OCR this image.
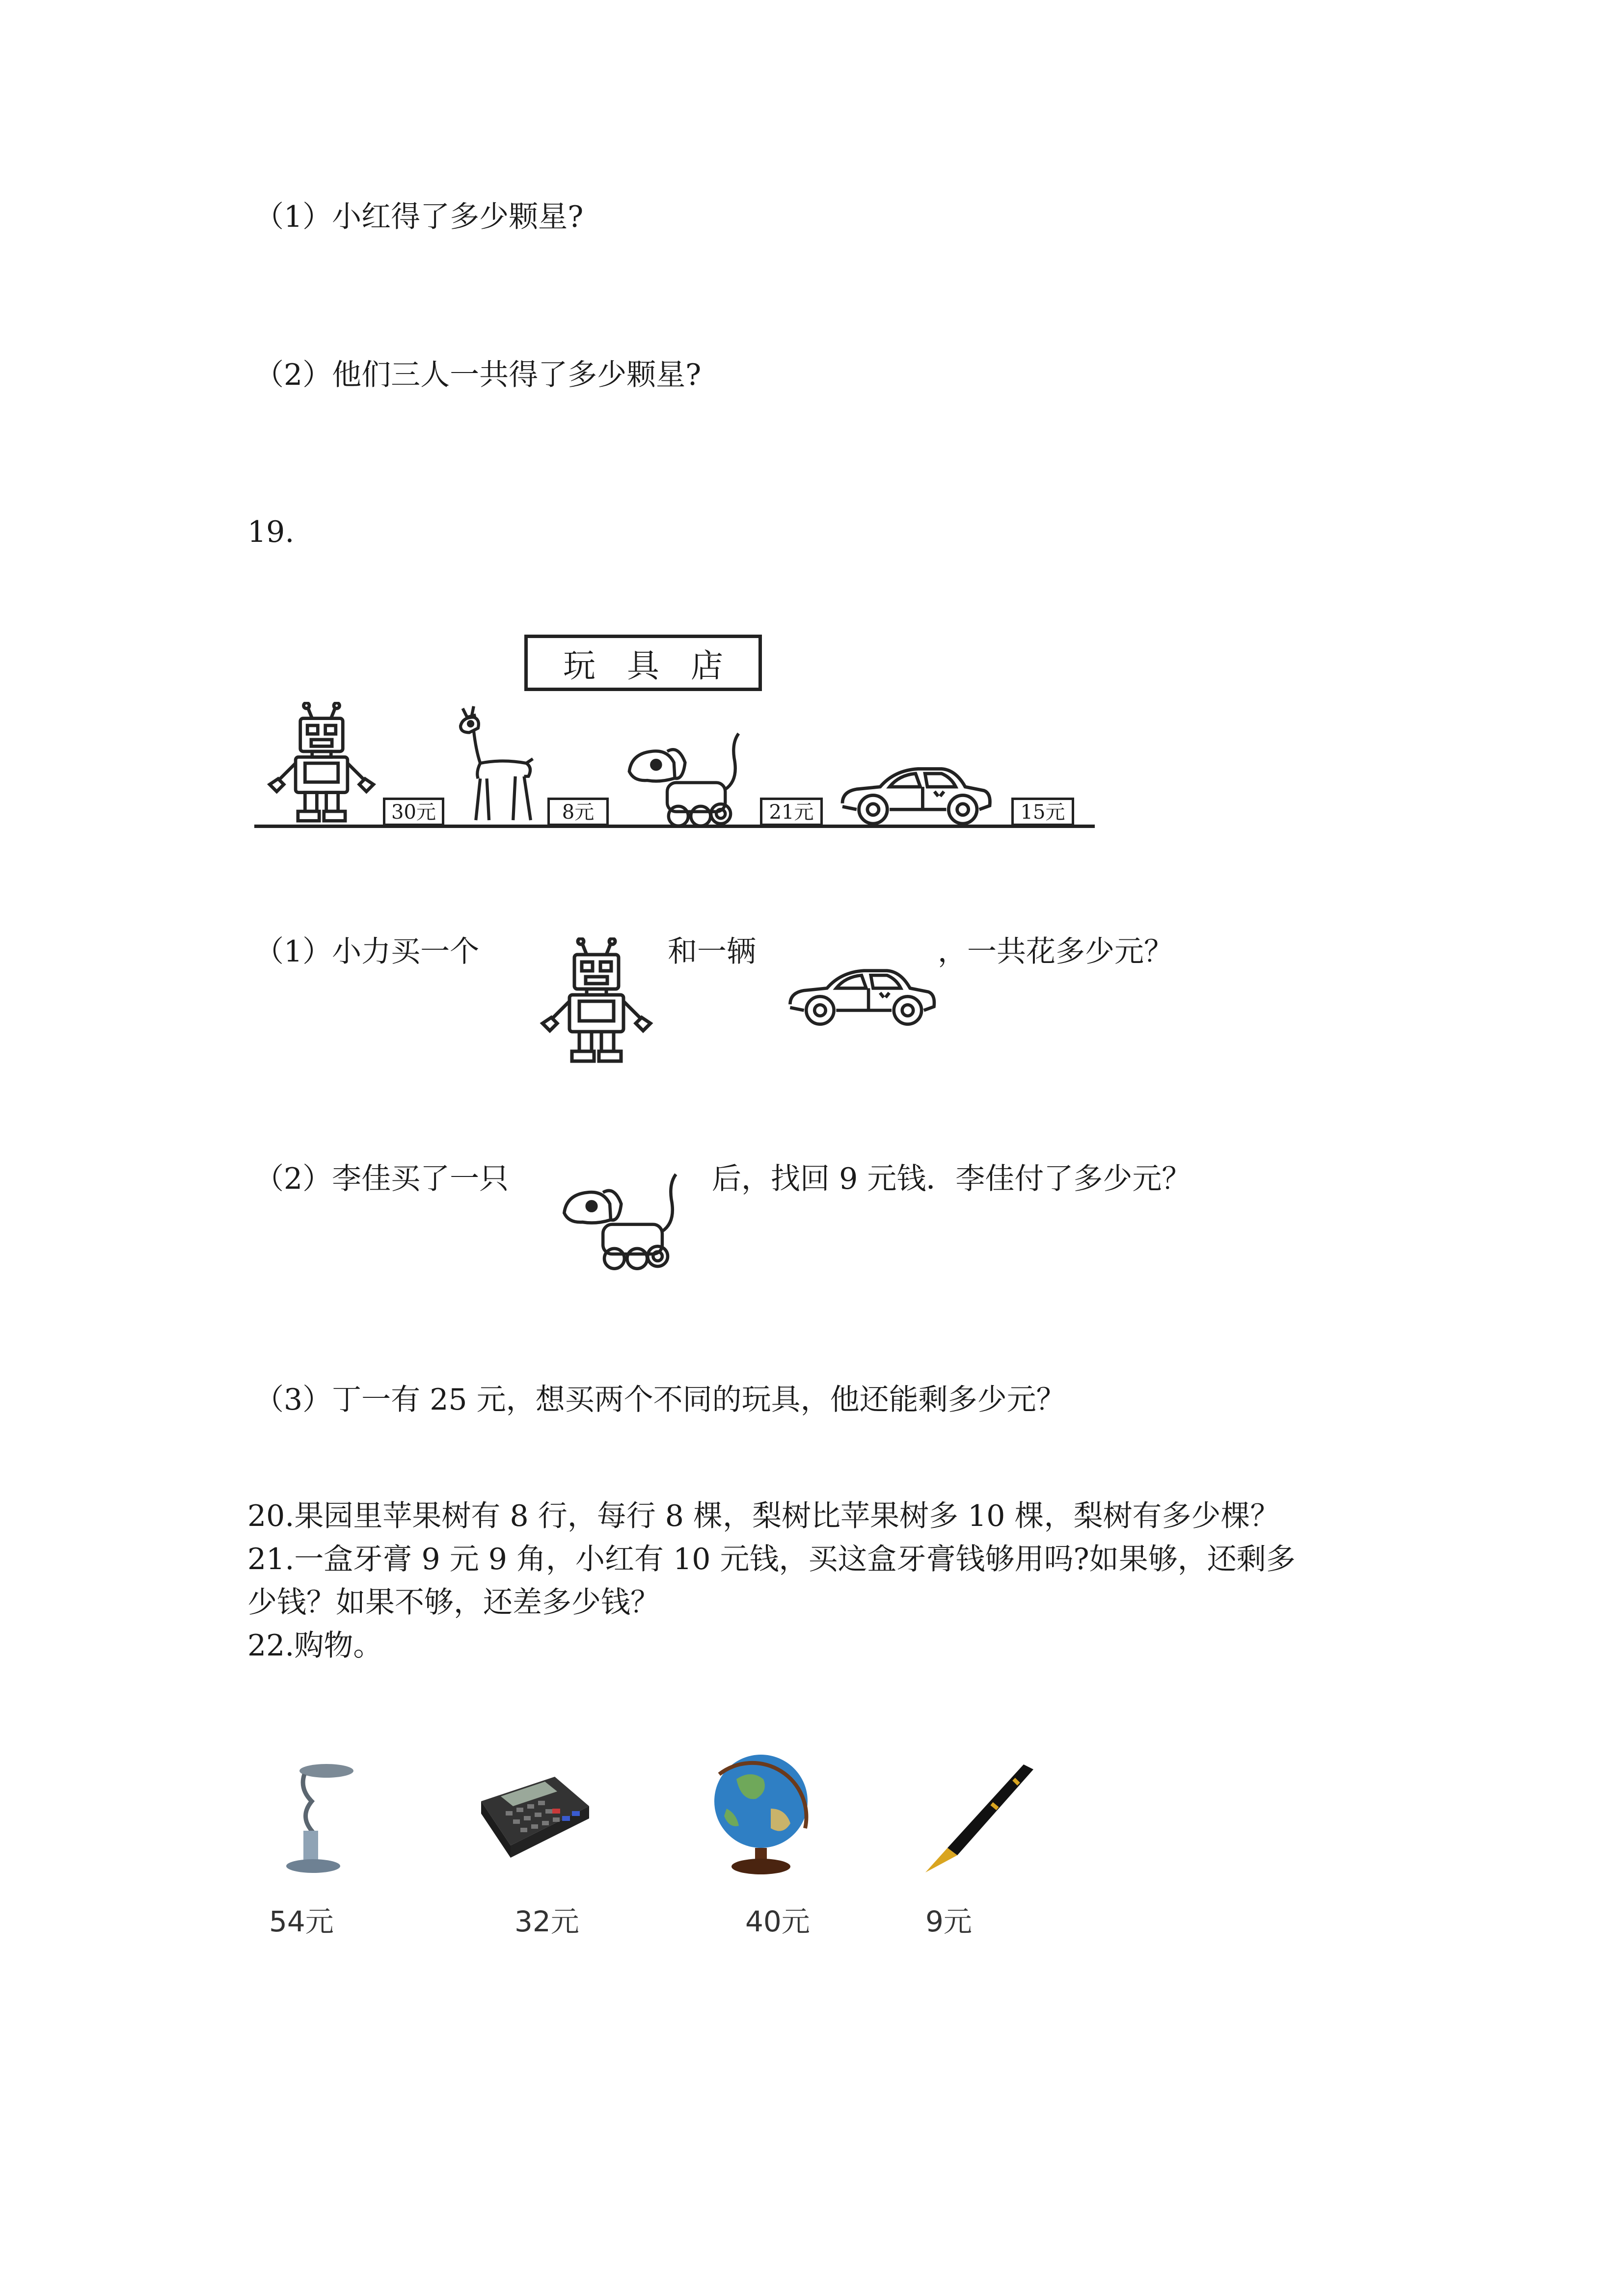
（1）小红得了多少颗星?
（2）他们三人一共得了多少颗星?
19.
玩 具 店
30元	8元	21元	15元
（1）小力买一个	和一辆	，一共花多少元？
（2）李佳买了一只	后，找回 9 元钱．李佳付了多少元？
（3）丁一有 25 元，想买两个不同的玩具，他还能剩多少元？
20.果园里苹果树有 8 行，每行 8 棵，梨树比苹果树多 10 棵，梨树有多少棵？
21.一盒牙膏 9 元 9 角，小红有 10 元钱，买这盒牙膏钱够用吗?如果够，还剩多
少钱？如果不够，还差多少钱？
22.购物。
54元	32元	40元	9元
